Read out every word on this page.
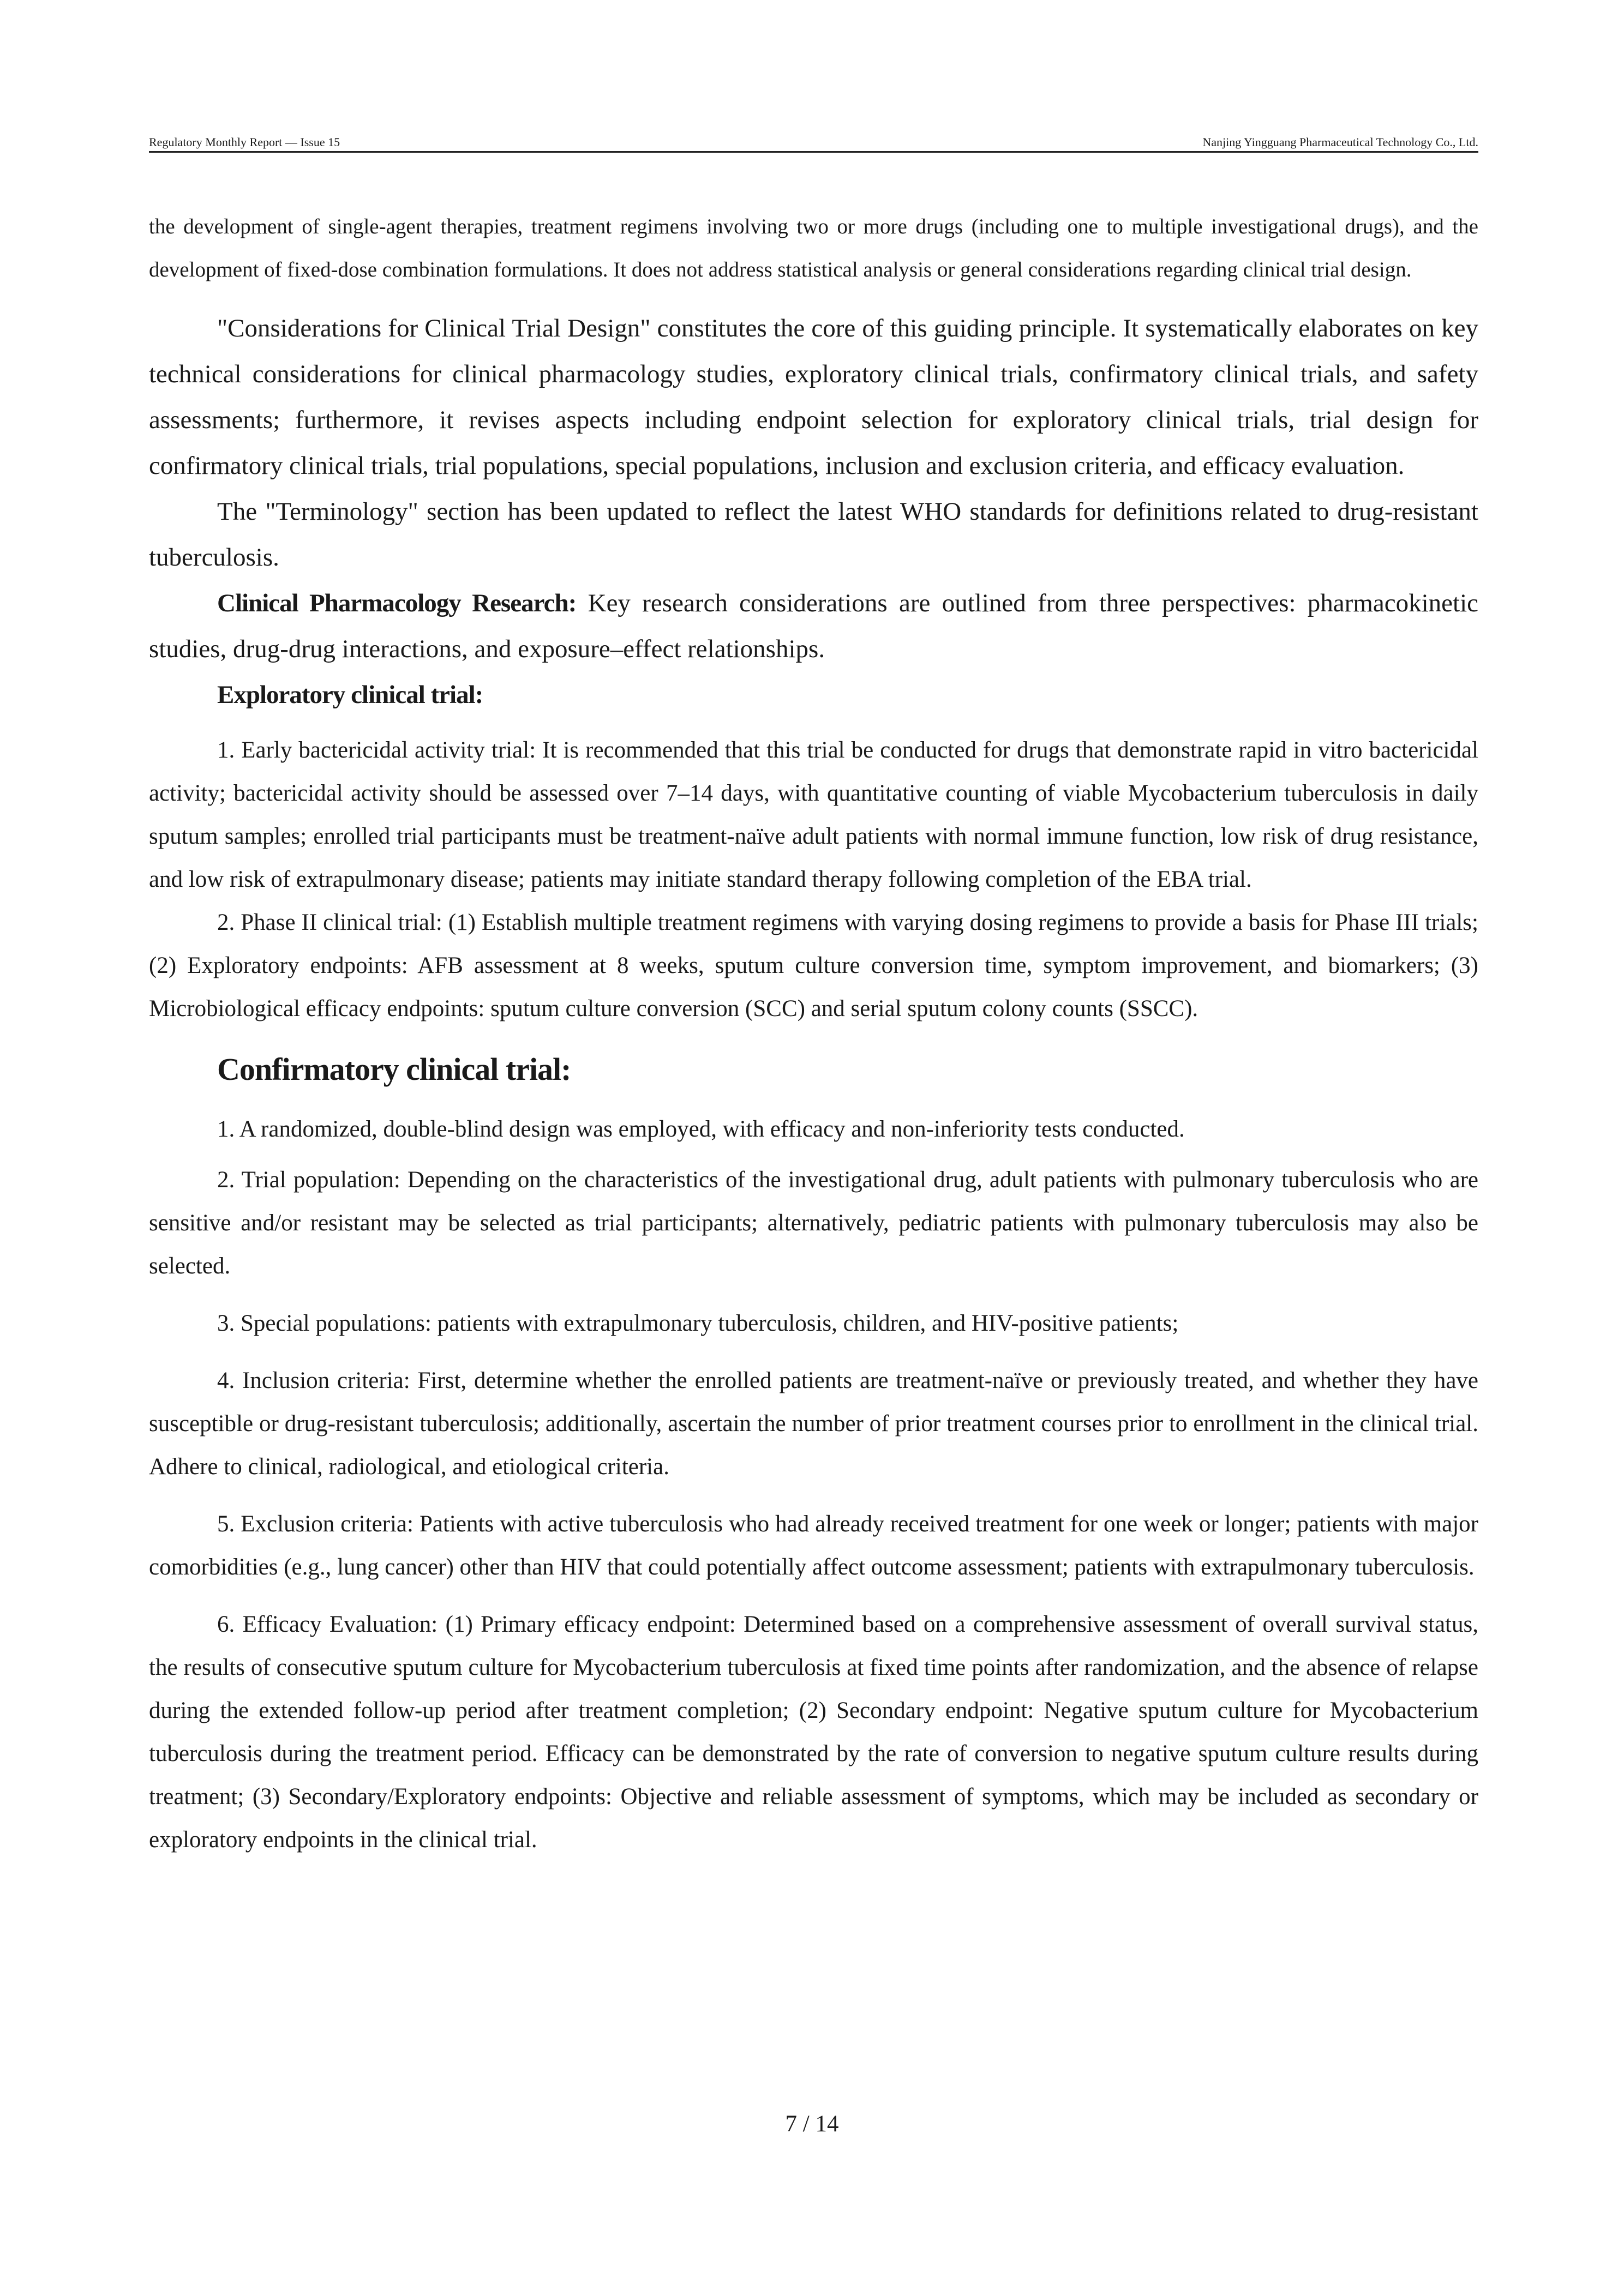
Regulatory Monthly Report — Issue 15	Nanjing Yingguang Pharmaceutical Technology Co., Ltd.

the development of single-agent therapies, treatment regimens involving two or more drugs (including one to multiple investigational drugs), and the development of fixed-dose combination formulations. It does not address statistical analysis or general considerations regarding clinical trial design.

"Considerations for Clinical Trial Design" constitutes the core of this guiding principle. It systematically elaborates on key technical considerations for clinical pharmacology studies, exploratory clinical trials, confirmatory clinical trials, and safety assessments; furthermore, it revises aspects including endpoint selection for exploratory clinical trials, trial design for confirmatory clinical trials, trial populations, special populations, inclusion and exclusion criteria, and efficacy evaluation.

The "Terminology" section has been updated to reflect the latest WHO standards for definitions related to drug-resistant tuberculosis.

Clinical Pharmacology Research: Key research considerations are outlined from three perspectives: pharmacokinetic studies, drug-drug interactions, and exposure–effect relationships.

Exploratory clinical trial:

1. Early bactericidal activity trial: It is recommended that this trial be conducted for drugs that demonstrate rapid in vitro bactericidal activity; bactericidal activity should be assessed over 7–14 days, with quantitative counting of viable Mycobacterium tuberculosis in daily sputum samples; enrolled trial participants must be treatment-naïve adult patients with normal immune function, low risk of drug resistance, and low risk of extrapulmonary disease; patients may initiate standard therapy following completion of the EBA trial.

2. Phase II clinical trial: (1) Establish multiple treatment regimens with varying dosing regimens to provide a basis for Phase III trials; (2) Exploratory endpoints: AFB assessment at 8 weeks, sputum culture conversion time, symptom improvement, and biomarkers; (3) Microbiological efficacy endpoints: sputum culture conversion (SCC) and serial sputum colony counts (SSCC).

Confirmatory clinical trial:

1. A randomized, double-blind design was employed, with efficacy and non-inferiority tests conducted.

2. Trial population: Depending on the characteristics of the investigational drug, adult patients with pulmonary tuberculosis who are sensitive and/or resistant may be selected as trial participants; alternatively, pediatric patients with pulmonary tuberculosis may also be selected.

3. Special populations: patients with extrapulmonary tuberculosis, children, and HIV-positive patients;

4. Inclusion criteria: First, determine whether the enrolled patients are treatment-naïve or previously treated, and whether they have susceptible or drug-resistant tuberculosis; additionally, ascertain the number of prior treatment courses prior to enrollment in the clinical trial. Adhere to clinical, radiological, and etiological criteria.

5. Exclusion criteria: Patients with active tuberculosis who had already received treatment for one week or longer; patients with major comorbidities (e.g., lung cancer) other than HIV that could potentially affect outcome assessment; patients with extrapulmonary tuberculosis.

6. Efficacy Evaluation: (1) Primary efficacy endpoint: Determined based on a comprehensive assessment of overall survival status, the results of consecutive sputum culture for Mycobacterium tuberculosis at fixed time points after randomization, and the absence of relapse during the extended follow-up period after treatment completion; (2) Secondary endpoint: Negative sputum culture for Mycobacterium tuberculosis during the treatment period. Efficacy can be demonstrated by the rate of conversion to negative sputum culture results during treatment; (3) Secondary/Exploratory endpoints: Objective and reliable assessment of symptoms, which may be included as secondary or exploratory endpoints in the clinical trial.

7 / 14
